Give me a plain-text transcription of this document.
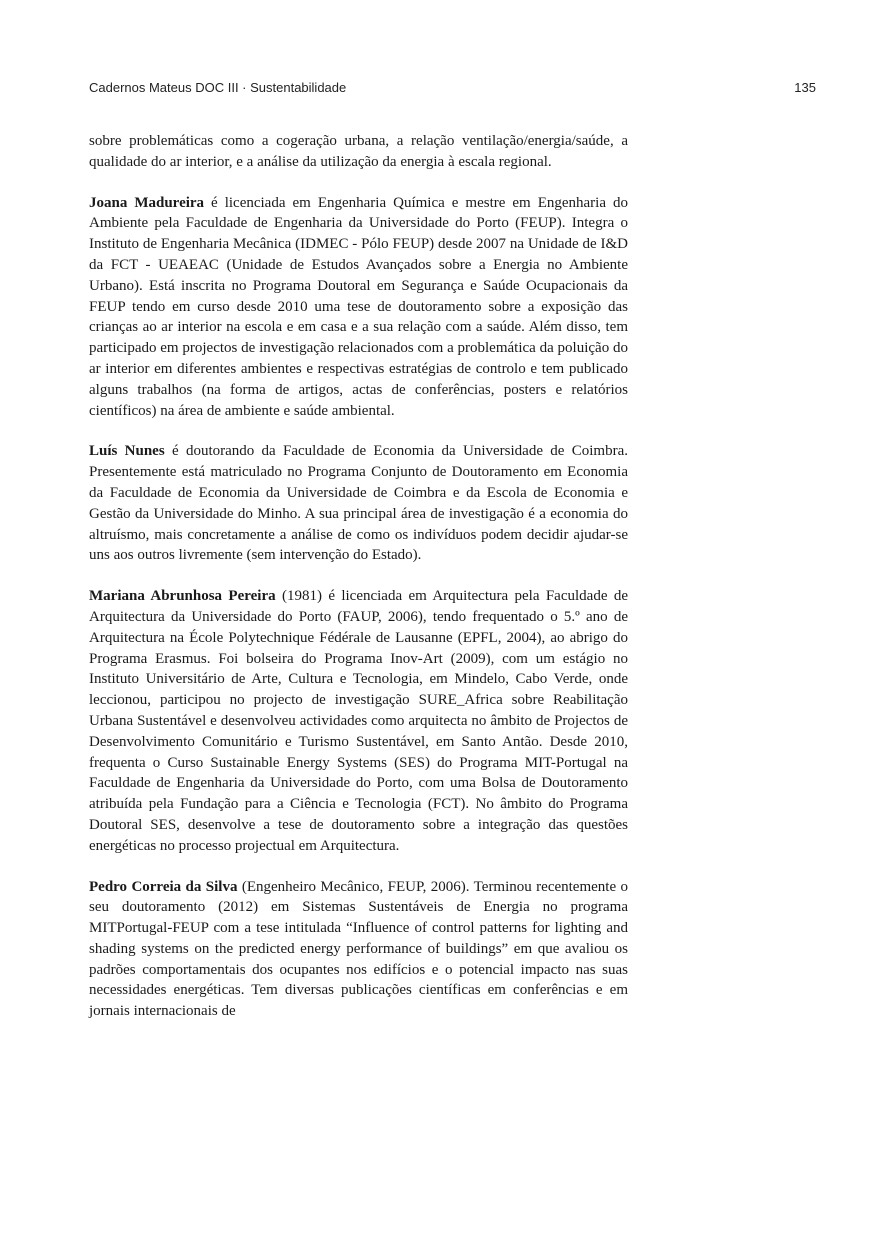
Cadernos Mateus DOC III · Sustentabilidade	135

sobre problemáticas como a cogeração urbana, a relação ventilação/energia/saúde, a qualidade do ar interior, e a análise da utilização da energia à escala regional.

Joana Madureira é licenciada em Engenharia Química e mestre em Engenharia do Ambiente pela Faculdade de Engenharia da Universidade do Porto (FEUP). Integra o Instituto de Engenharia Mecânica (IDMEC - Pólo FEUP) desde 2007 na Unidade de I&D da FCT - UEAEAC (Unidade de Estudos Avançados sobre a Energia no Ambiente Urbano). Está inscrita no Programa Doutoral em Segurança e Saúde Ocupacionais da FEUP tendo em curso desde 2010 uma tese de doutoramento sobre a exposição das crianças ao ar interior na escola e em casa e a sua relação com a saúde. Além disso, tem participado em projectos de investigação relacionados com a problemática da poluição do ar interior em diferentes ambientes e respectivas estratégias de controlo e tem publicado alguns trabalhos (na forma de artigos, actas de conferências, posters e relatórios científicos) na área de ambiente e saúde ambiental.

Luís Nunes é doutorando da Faculdade de Economia da Universidade de Coimbra. Presentemente está matriculado no Programa Conjunto de Doutoramento em Economia da Faculdade de Economia da Universidade de Coimbra e da Escola de Economia e Gestão da Universidade do Minho. A sua principal área de investigação é a economia do altruísmo, mais concretamente a análise de como os indivíduos podem decidir ajudar-se uns aos outros livremente (sem intervenção do Estado).

Mariana Abrunhosa Pereira (1981) é licenciada em Arquitectura pela Faculdade de Arquitectura da Universidade do Porto (FAUP, 2006), tendo frequentado o 5.º ano de Arquitectura na École Polytechnique Fédérale de Lausanne (EPFL, 2004), ao abrigo do Programa Erasmus. Foi bolseira do Programa Inov-Art (2009), com um estágio no Instituto Universitário de Arte, Cultura e Tecnologia, em Mindelo, Cabo Verde, onde leccionou, participou no projecto de investigação SURE_Africa sobre Reabilitação Urbana Sustentável e desenvolveu actividades como arquitecta no âmbito de Projectos de Desenvolvimento Comunitário e Turismo Sustentável, em Santo Antão. Desde 2010, frequenta o Curso Sustainable Energy Systems (SES) do Programa MIT-Portugal na Faculdade de Engenharia da Universidade do Porto, com uma Bolsa de Doutoramento atribuída pela Fundação para a Ciência e Tecnologia (FCT). No âmbito do Programa Doutoral SES, desenvolve a tese de doutoramento sobre a integração das questões energéticas no processo projectual em Arquitectura.

Pedro Correia da Silva (Engenheiro Mecânico, FEUP, 2006). Terminou recentemente o seu doutoramento (2012) em Sistemas Sustentáveis de Energia no programa MITPortugal-FEUP com a tese intitulada “Influence of control patterns for lighting and shading systems on the predicted energy performance of buildings” em que avaliou os padrões comportamentais dos ocupantes nos edifícios e o potencial impacto nas suas necessidades energéticas. Tem diversas publicações científicas em conferências e em jornais internacionais de
